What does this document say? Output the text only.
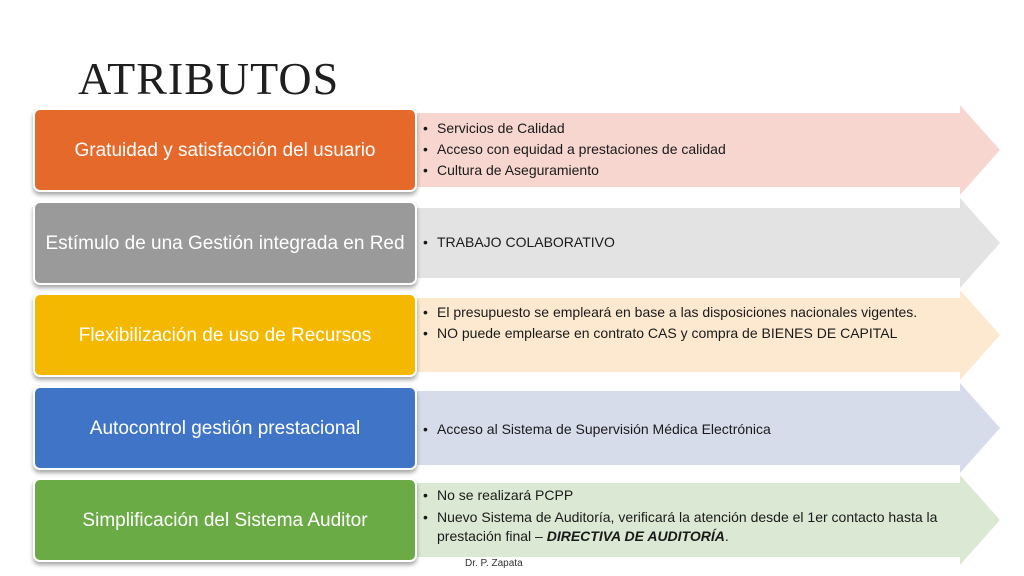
ATRIBUTOS
Gratuidad y satisfacción del usuario
• Servicios de Calidad
• Acceso con equidad a prestaciones de calidad
• Cultura de Aseguramiento
Estímulo de una Gestión integrada en Red	• TRABAJO COLABORATIVO
Flexibilización de uso de Recursos
• El presupuesto se empleará en base a las disposiciones nacionales vigentes.
• NO puede emplearse en contrato CAS y compra de BIENES DE CAPITAL
Autocontrol gestión prestacional	• Acceso al Sistema de Supervisión Médica Electrónica
Simplificación del Sistema Auditor
• No se realizará PCPP
• Nuevo Sistema de Auditoría, verificará la atención desde el 1er contacto hasta la prestación final – DIRECTIVA DE AUDITORÍA.
Dr. P. Zapata
